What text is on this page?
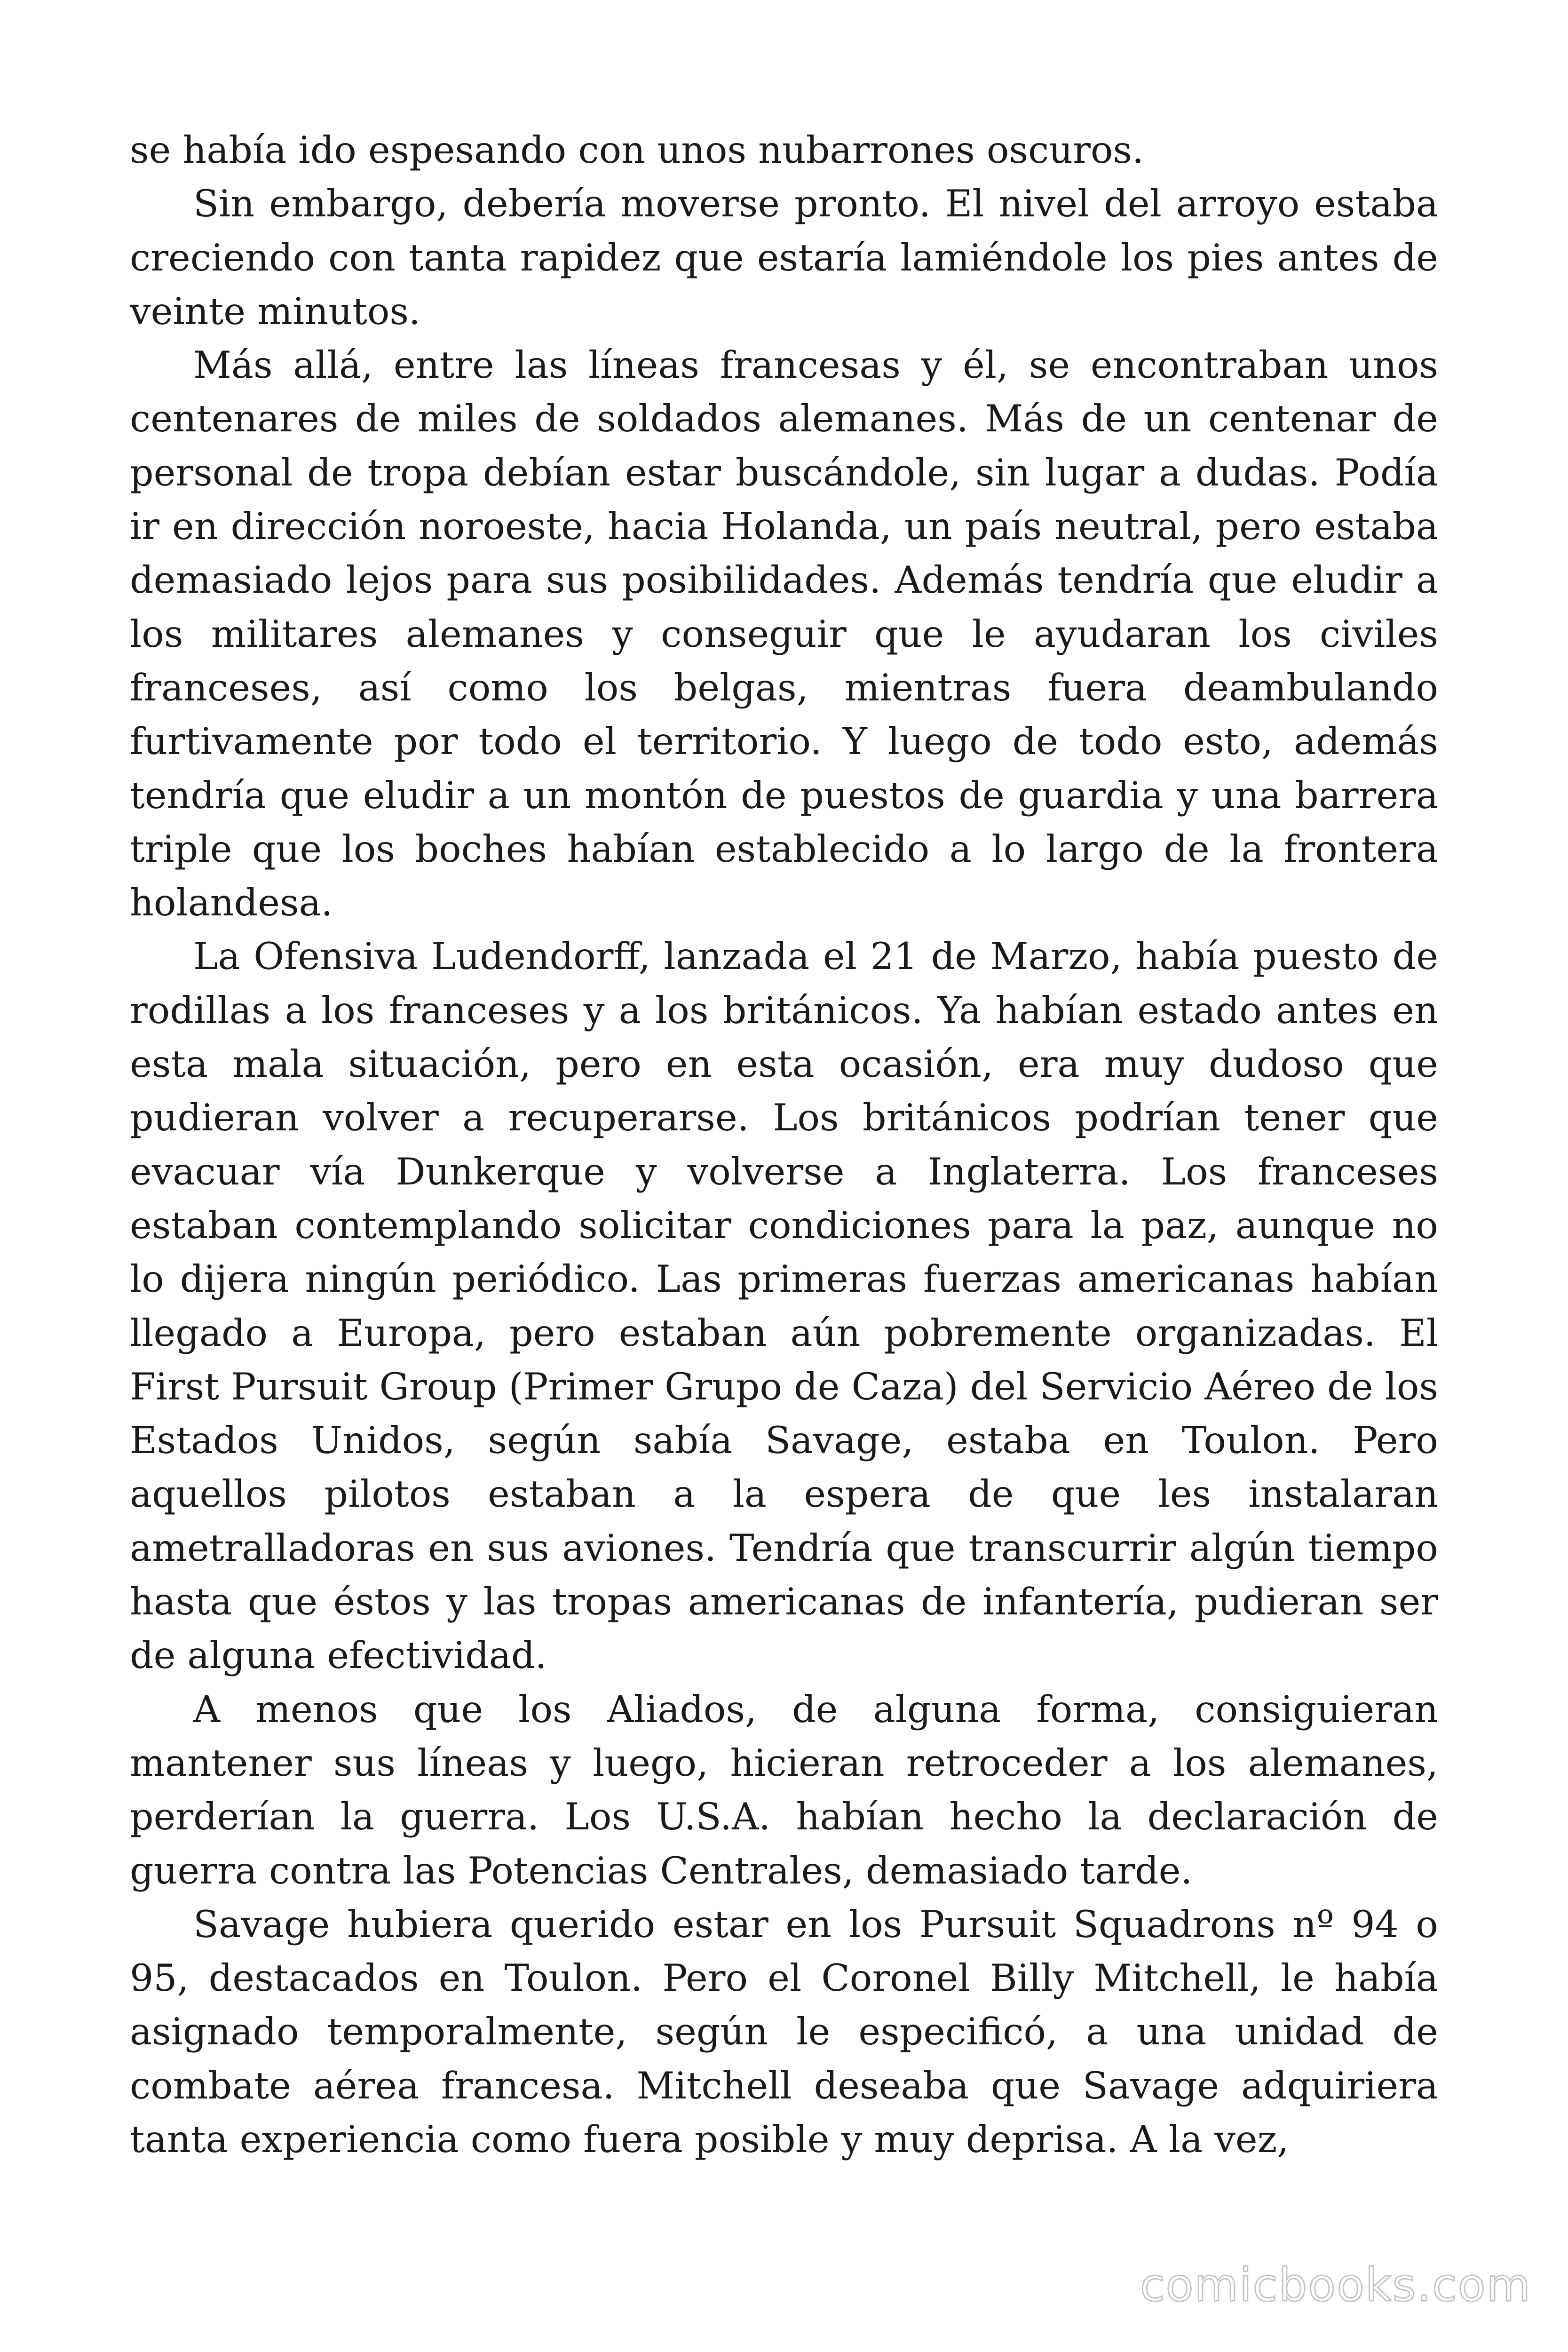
se había ido espesando con unos nubarrones oscuros.

Sin embargo, debería moverse pronto. El nivel del arroyo estaba creciendo con tanta rapidez que estaría lamiéndole los pies antes de veinte minutos.

Más allá, entre las líneas francesas y él, se encontraban unos centenares de miles de soldados alemanes. Más de un centenar de personal de tropa debían estar buscándole, sin lugar a dudas. Podía ir en dirección noroeste, hacia Holanda, un país neutral, pero estaba demasiado lejos para sus posibilidades. Además tendría que eludir a los militares alemanes y conseguir que le ayudaran los civiles franceses, así como los belgas, mientras fuera deambulando furtivamente por todo el territorio. Y luego de todo esto, además tendría que eludir a un montón de puestos de guardia y una barrera triple que los boches habían establecido a lo largo de la frontera holandesa.

La Ofensiva Ludendorff, lanzada el 21 de Marzo, había puesto de rodillas a los franceses y a los británicos. Ya habían estado antes en esta mala situación, pero en esta ocasión, era muy dudoso que pudieran volver a recuperarse. Los británicos podrían tener que evacuar vía Dunkerque y volverse a Inglaterra. Los franceses estaban contemplando solicitar condiciones para la paz, aunque no lo dijera ningún periódico. Las primeras fuerzas americanas habían llegado a Europa, pero estaban aún pobremente organizadas. El First Pursuit Group (Primer Grupo de Caza) del Servicio Aéreo de los Estados Unidos, según sabía Savage, estaba en Toulon. Pero aquellos pilotos estaban a la espera de que les instalaran ametralladoras en sus aviones. Tendría que transcurrir algún tiempo hasta que éstos y las tropas americanas de infantería, pudieran ser de alguna efectividad.

A menos que los Aliados, de alguna forma, consiguieran mantener sus líneas y luego, hicieran retroceder a los alemanes, perderían la guerra. Los U.S.A. habían hecho la declaración de guerra contra las Potencias Centrales, demasiado tarde.

Savage hubiera querido estar en los Pursuit Squadrons nº 94 o 95, destacados en Toulon. Pero el Coronel Billy Mitchell, le había asignado temporalmente, según le especificó, a una unidad de combate aérea francesa. Mitchell deseaba que Savage adquiriera tanta experiencia como fuera posible y muy deprisa. A la vez,

comicbooks.com
